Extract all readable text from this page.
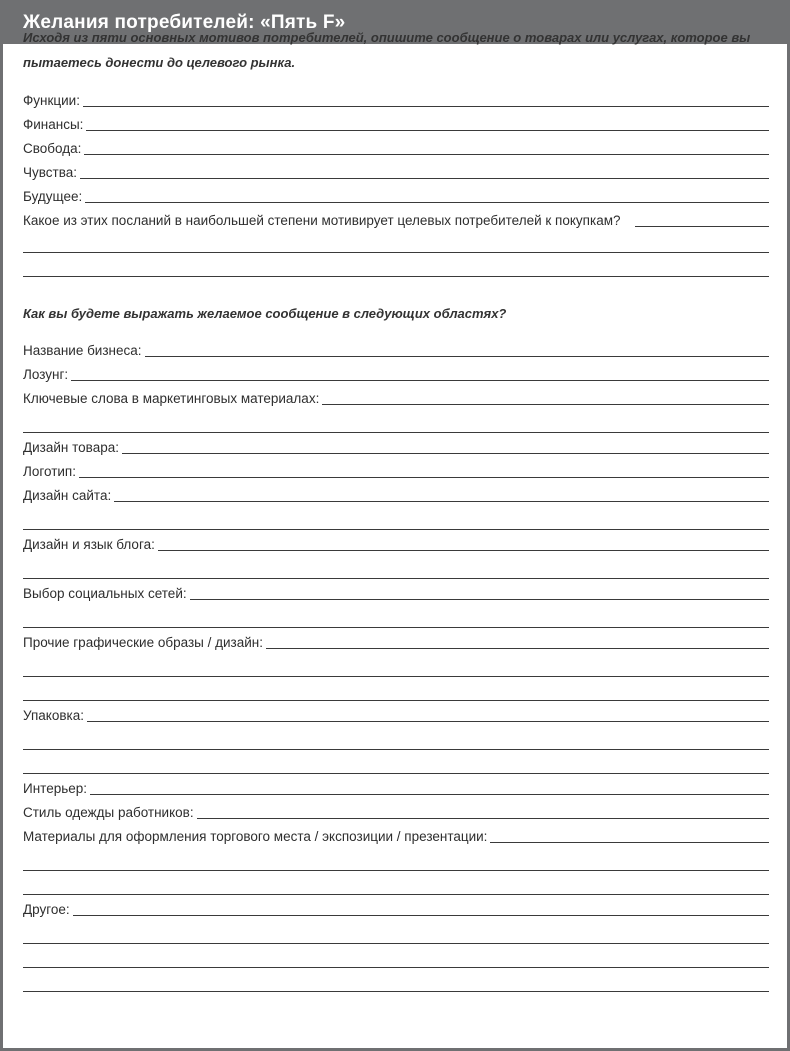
Желания потребителей: «Пять F»
Исходя из пяти основных мотивов потребителей, опишите сообщение о товарах или услугах, которое вы пытаетесь донести до целевого рынка.
Функции:
Финансы:
Свобода:
Чувства:
Будущее:
Какое из этих посланий в наибольшей степени мотивирует целевых потребителей к покупкам?
Как вы будете выражать желаемое сообщение в следующих областях?
Название бизнеса:
Лозунг:
Ключевые слова в маркетинговых материалах:
Дизайн товара:
Логотип:
Дизайн сайта:
Дизайн и язык блога:
Выбор социальных сетей:
Прочие графические образы / дизайн:
Упаковка:
Интерьер:
Стиль одежды работников:
Материалы для оформления торгового места / экспозиции / презентации:
Другое:
